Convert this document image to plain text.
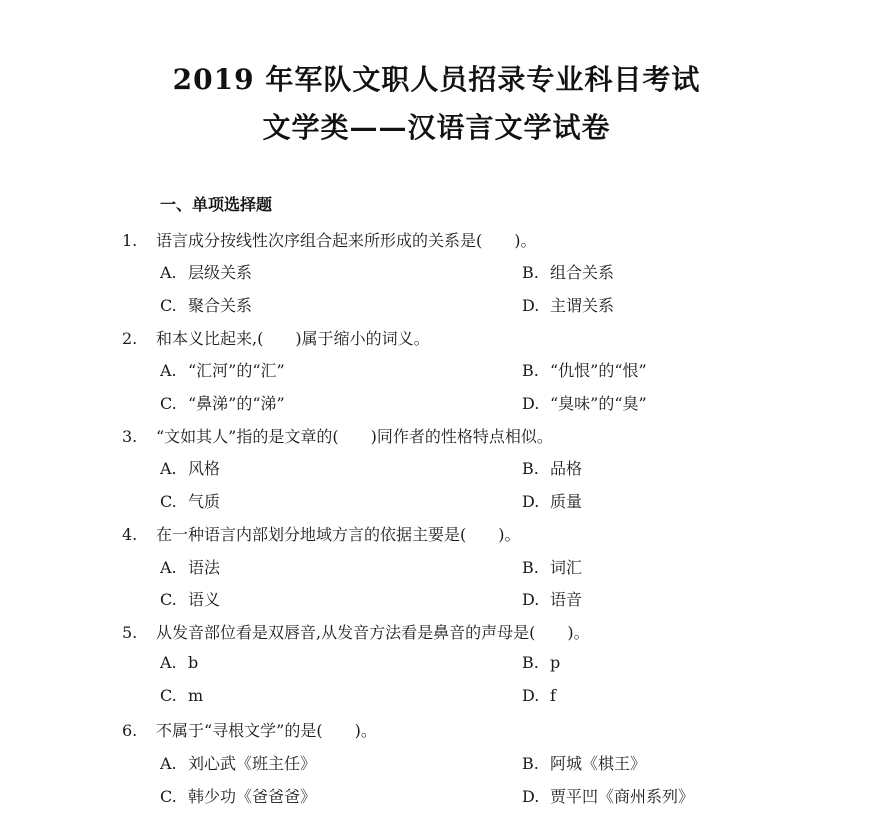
2019 年军队文职人员招录专业科目考试
文学类——汉语言文学试卷
一、单项选择题
1. 语言成分按线性次序组合起来所形成的关系是(　　)。
A. 层级关系	B. 组合关系
C. 聚合关系	D. 主谓关系
2. 和本义比起来,(　　)属于缩小的词义。
A. “汇河”的“汇”	B. “仇恨”的“恨”
C. “鼻涕”的“涕”	D. “臭味”的“臭”
3. “文如其人”指的是文章的(　　)同作者的性格特点相似。
A. 风格	B. 品格
C. 气质	D. 质量
4. 在一种语言内部划分地域方言的依据主要是(　　)。
A. 语法	B. 词汇
C. 语义	D. 语音
5. 从发音部位看是双唇音,从发音方法看是鼻音的声母是(　　)。
A. b	B. p
C. m	D. f
6. 不属于“寻根文学”的是(　　)。
A. 刘心武《班主任》	B. 阿城《棋王》
C. 韩少功《爸爸爸》	D. 贾平凹《商州系列》
